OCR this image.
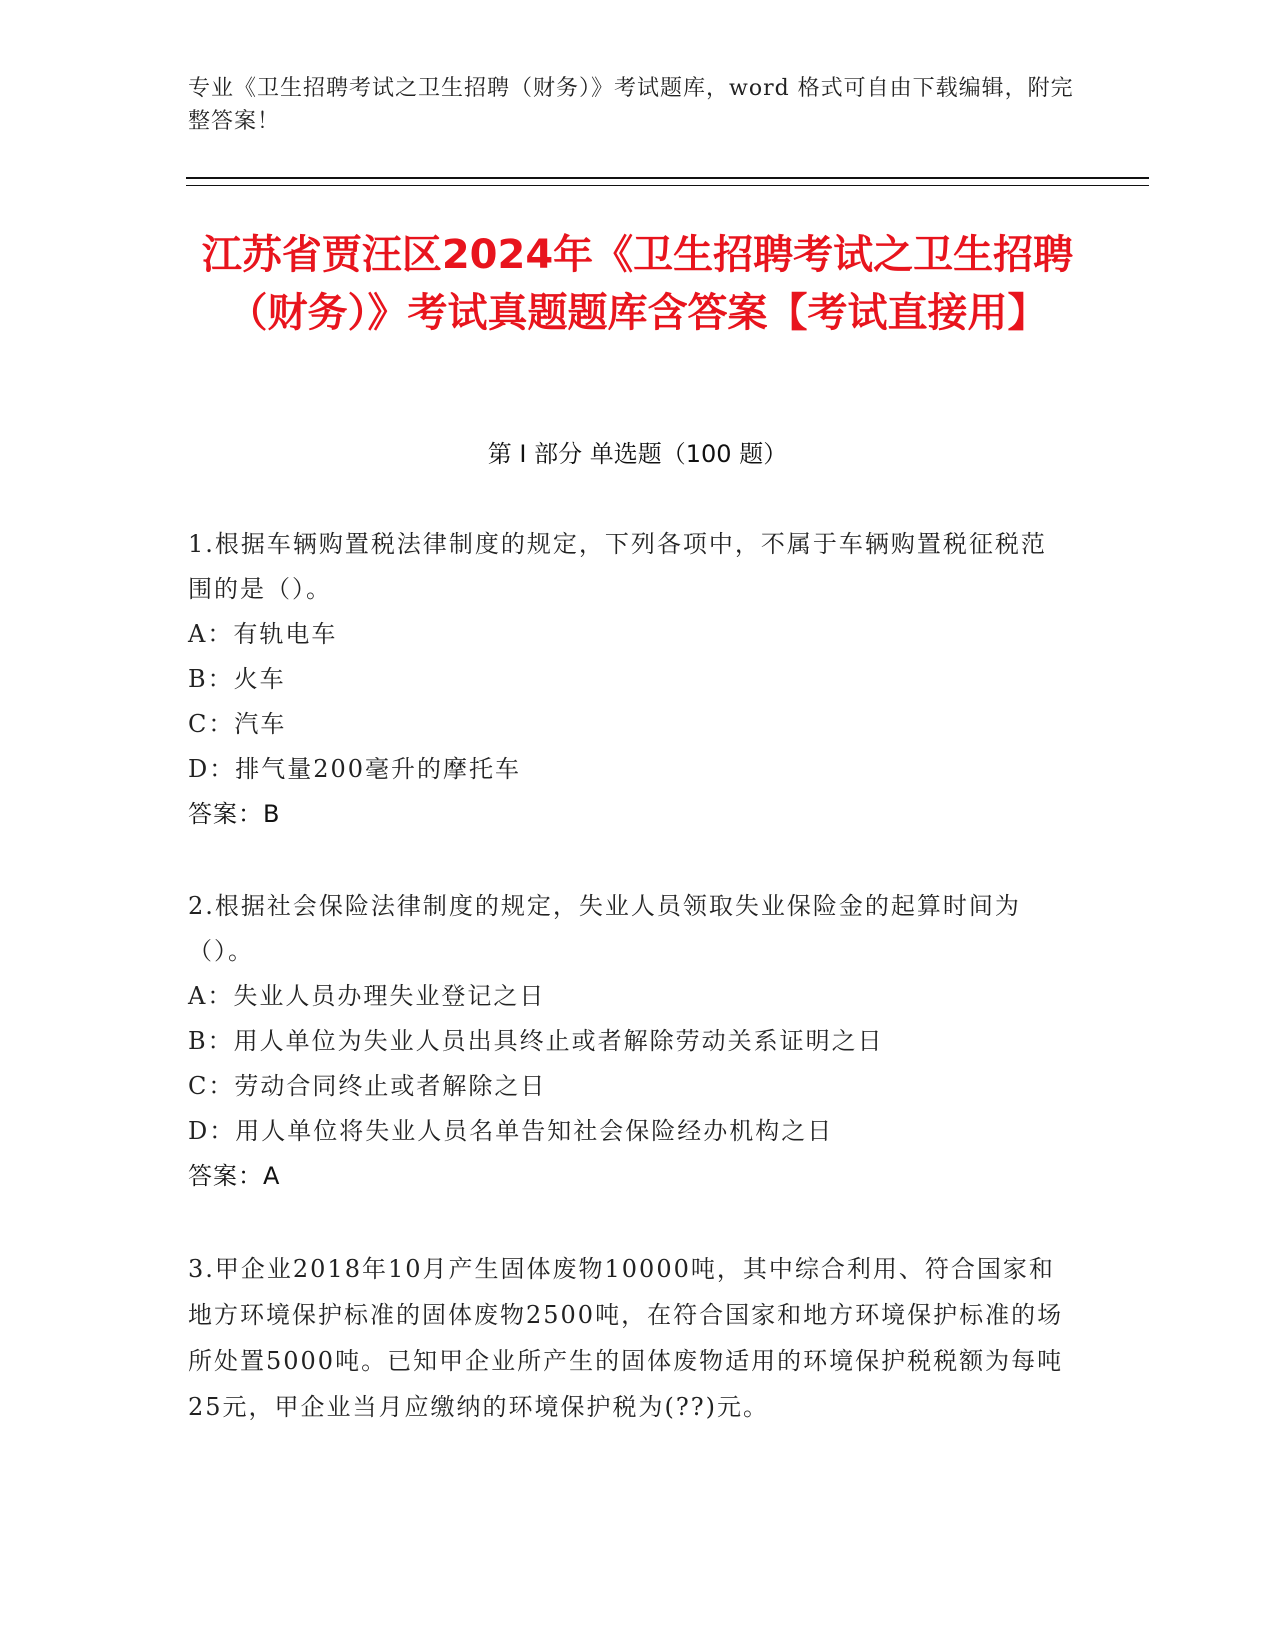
专业《卫生招聘考试之卫生招聘（财务）》考试题库，word 格式可自由下载编辑，附完整答案！
江苏省贾汪区2024年《卫生招聘考试之卫生招聘（财务）》考试真题题库含答案【考试直接用】
第 I 部分 单选题（100 题）
1.根据车辆购置税法律制度的规定，下列各项中，不属于车辆购置税征税范围的是（）。
A：有轨电车
B：火车
C：汽车
D：排气量200毫升的摩托车
答案：B
2.根据社会保险法律制度的规定，失业人员领取失业保险金的起算时间为（）。
A：失业人员办理失业登记之日
B：用人单位为失业人员出具终止或者解除劳动关系证明之日
C：劳动合同终止或者解除之日
D：用人单位将失业人员名单告知社会保险经办机构之日
答案：A
3.甲企业2018年10月产生固体废物10000吨，其中综合利用、符合国家和地方环境保护标准的固体废物2500吨，在符合国家和地方环境保护标准的场所处置5000吨。已知甲企业所产生的固体废物适用的环境保护税税额为每吨25元，甲企业当月应缴纳的环境保护税为(??)元。
